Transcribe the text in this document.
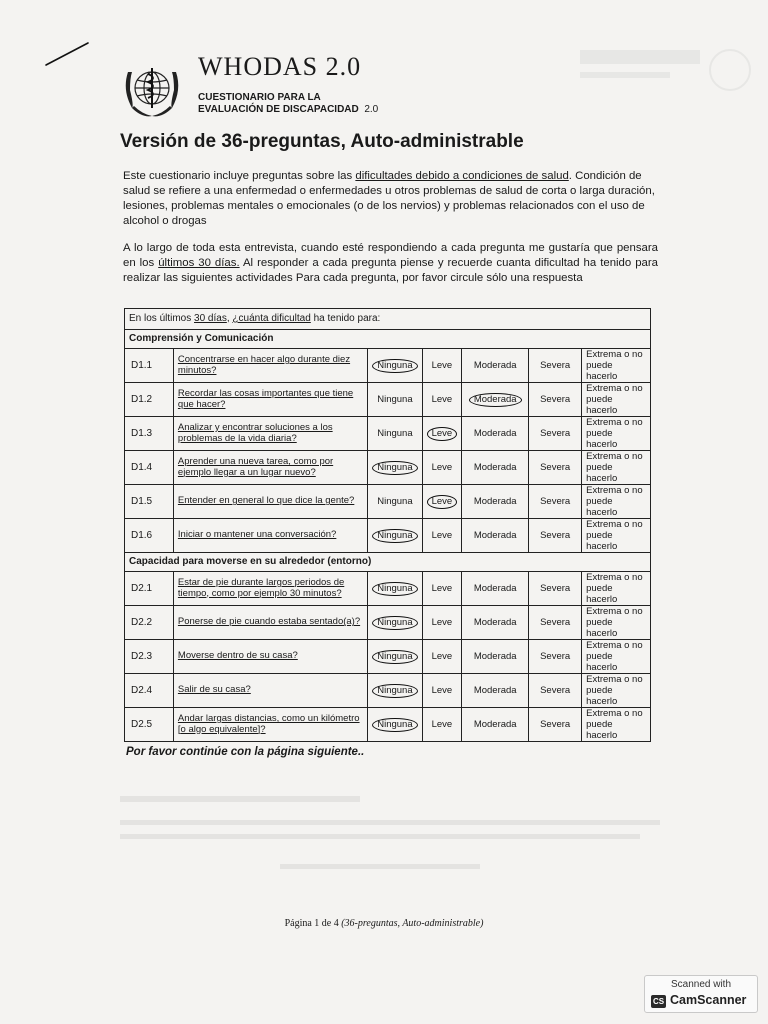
WHODAS 2.0
CUESTIONARIO PARA LA
EVALUACIÓN DE DISCAPACIDAD 2.0
Versión de 36-preguntas, Auto-administrable

Este cuestionario incluye preguntas sobre las dificultades debido a condiciones de salud. Condición de salud se refiere a una enfermedad o enfermedades u otros problemas de salud de corta o larga duración, lesiones, problemas mentales o emocionales (o de los nervios) y problemas relacionados con el uso de alcohol o drogas

A lo largo de toda esta entrevista, cuando esté respondiendo a cada pregunta me gustaría que pensara en los últimos 30 días. Al responder a cada pregunta piense y recuerde cuanta dificultad ha tenido para realizar las siguientes actividades Para cada pregunta, por favor circule sólo una respuesta

En los últimos 30 días, ¿cuánta dificultad ha tenido para:						
Comprensión y Comunicación						
D1.1	Concentrarse en hacer algo durante diez minutos?	Ninguna	Leve	Moderada	Severa	Extrema o no puede hacerlo
D1.2	Recordar las cosas importantes que tiene que hacer?	Ninguna	Leve	Moderada	Severa	Extrema o no puede hacerlo
D1.3	Analizar y encontrar soluciones a los problemas de la vida diaria?	Ninguna	Leve	Moderada	Severa	Extrema o no puede hacerlo
D1.4	Aprender una nueva tarea, como por ejemplo llegar a un lugar nuevo?	Ninguna	Leve	Moderada	Severa	Extrema o no puede hacerlo
D1.5	Entender en general lo que dice la gente?	Ninguna	Leve	Moderada	Severa	Extrema o no puede hacerlo
D1.6	Iniciar o mantener una conversación?	Ninguna	Leve	Moderada	Severa	Extrema o no puede hacerlo
Capacidad para moverse en su alrededor (entorno)						
D2.1	Estar de pie durante largos periodos de tiempo, como por ejemplo 30 minutos?	Ninguna	Leve	Moderada	Severa	Extrema o no puede hacerlo
D2.2	Ponerse de pie cuando estaba sentado(a)?	Ninguna	Leve	Moderada	Severa	Extrema o no puede hacerlo
D2.3	Moverse dentro de su casa?	Ninguna	Leve	Moderada	Severa	Extrema o no puede hacerlo
D2.4	Salir de su casa?	Ninguna	Leve	Moderada	Severa	Extrema o no puede hacerlo
D2.5	Andar largas distancias, como un kilómetro [o algo equivalente]?	Ninguna	Leve	Moderada	Severa	Extrema o no puede hacerlo

Por favor continúe con la página siguiente..

Página 1 de 4 (36-preguntas, Auto-administrable)

Scanned with
CS CamScanner
